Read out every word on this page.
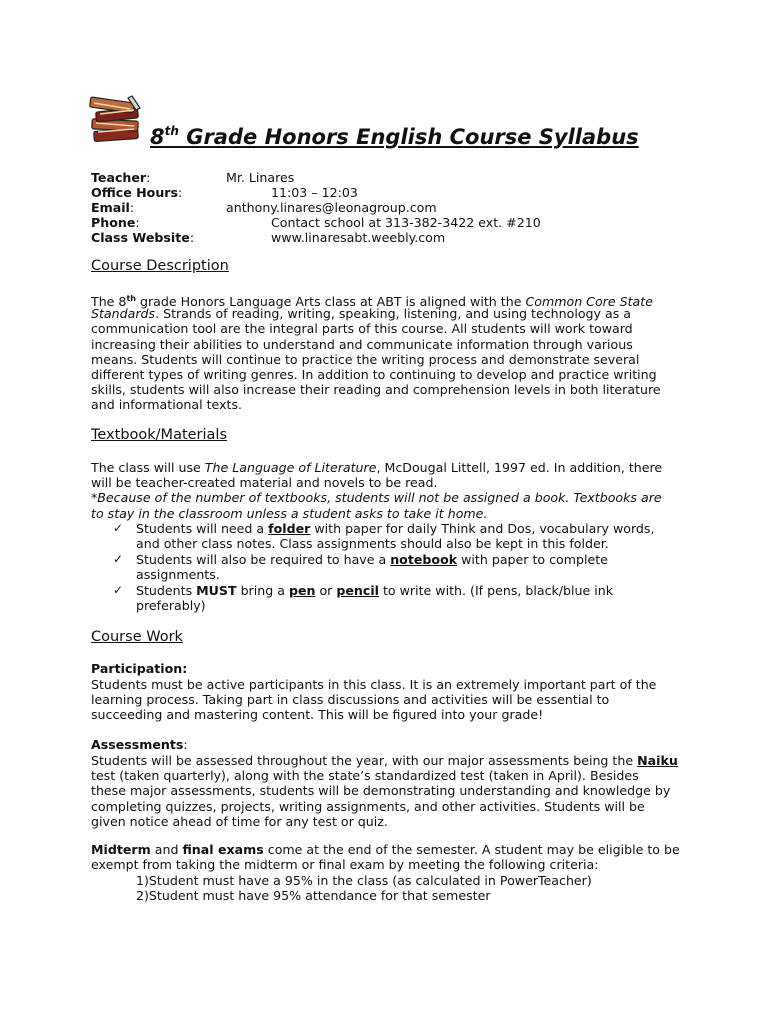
8th Grade Honors English Course Syllabus
Teacher:	Mr. Linares
Office Hours:	11:03 – 12:03
Email:	anthony.linares@leonagroup.com
Phone:	Contact school at 313-382-3422 ext. #210
Class Website:	www.linaresabt.weebly.com
Course Description
The 8th grade Honors Language Arts class at ABT is aligned with the Common Core State
Standards. Strands of reading, writing, speaking, listening, and using technology as a
communication tool are the integral parts of this course. All students will work toward
increasing their abilities to understand and communicate information through various
means. Students will continue to practice the writing process and demonstrate several
different types of writing genres. In addition to continuing to develop and practice writing
skills, students will also increase their reading and comprehension levels in both literature
and informational texts.
Textbook/Materials
The class will use The Language of Literature, McDougal Littell, 1997 ed. In addition, there
will be teacher-created material and novels to be read.
*Because of the number of textbooks, students will not be assigned a book. Textbooks are
to stay in the classroom unless a student asks to take it home.
✓ Students will need a folder with paper for daily Think and Dos, vocabulary words,
and other class notes. Class assignments should also be kept in this folder.
✓ Students will also be required to have a notebook with paper to complete
assignments.
✓ Students MUST bring a pen or pencil to write with. (If pens, black/blue ink
preferably)
Course Work
Participation:
Students must be active participants in this class. It is an extremely important part of the
learning process. Taking part in class discussions and activities will be essential to
succeeding and mastering content. This will be figured into your grade!
Assessments:
Students will be assessed throughout the year, with our major assessments being the Naiku
test (taken quarterly), along with the state’s standardized test (taken in April). Besides
these major assessments, students will be demonstrating understanding and knowledge by
completing quizzes, projects, writing assignments, and other activities. Students will be
given notice ahead of time for any test or quiz.
Midterm and final exams come at the end of the semester. A student may be eligible to be
exempt from taking the midterm or final exam by meeting the following criteria:
1)Student must have a 95% in the class (as calculated in PowerTeacher)
2)Student must have 95% attendance for that semester
